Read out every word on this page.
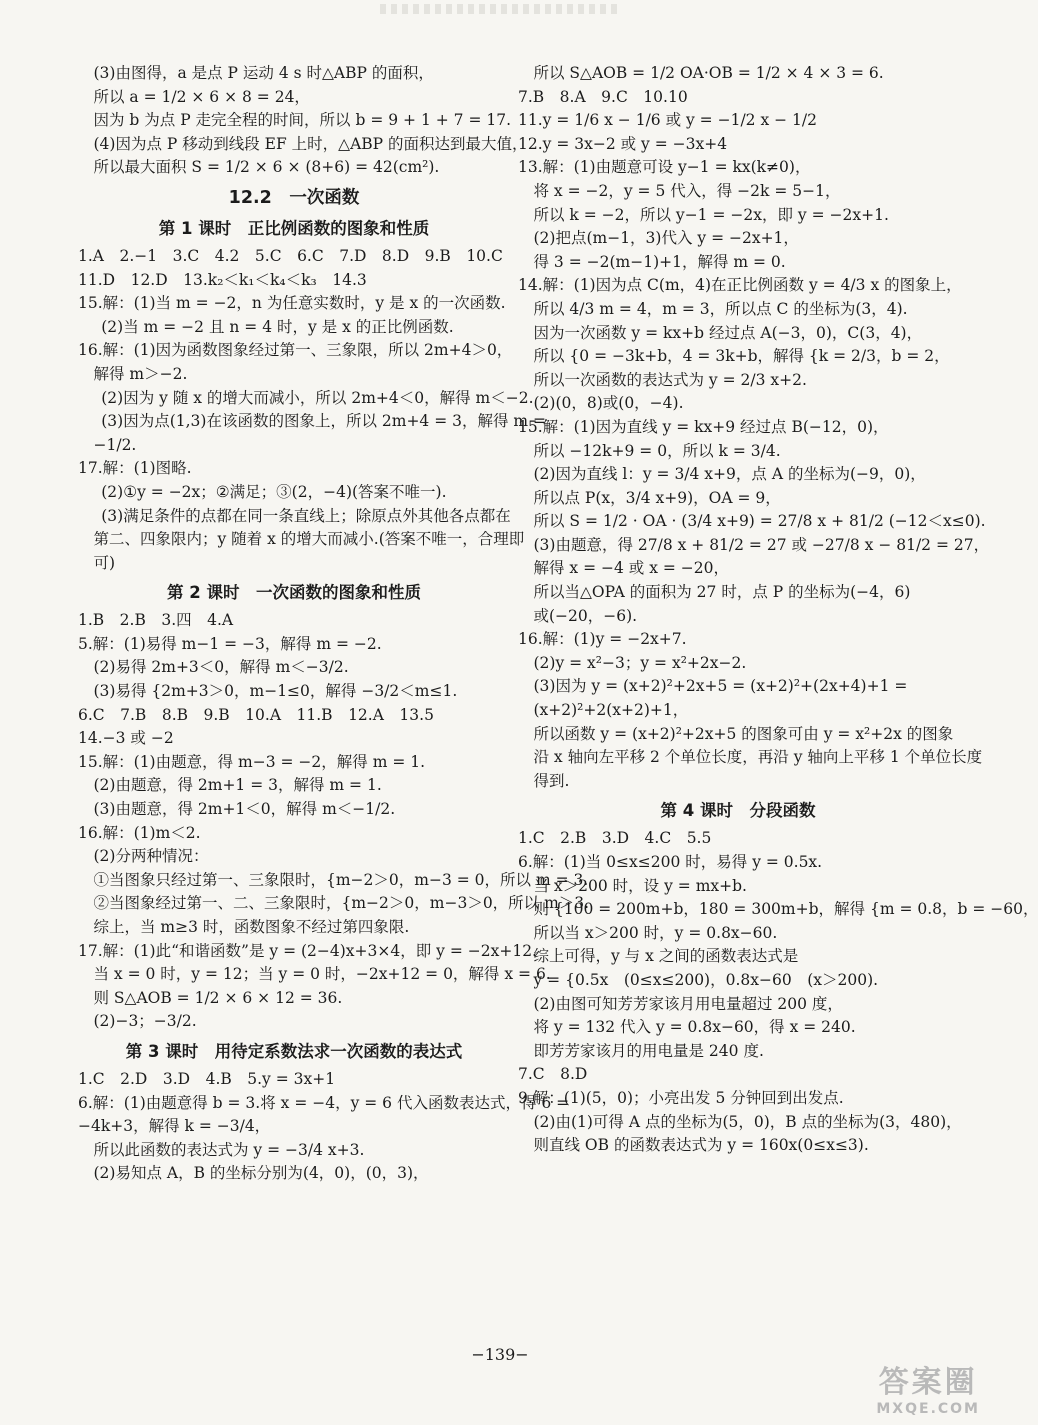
(3)由图得，a 是点 P 运动 4 s 时△ABP 的面积，
所以 a = 1/2 × 6 × 8 = 24，
因为 b 为点 P 走完全程的时间，所以 b = 9 + 1 + 7 = 17.
(4)因为点 P 移动到线段 EF 上时，△ABP 的面积达到最大值，
所以最大面积 S = 1/2 × 6 × (8+6) = 42(cm²).
12.2　一次函数
第 1 课时　正比例函数的图象和性质
1.A　2.−1　3.C　4.2　5.C　6.C　7.D　8.D　9.B　10.C
11.D　12.D　13.k₂＜k₁＜k₄＜k₃　14.3
15.解：(1)当 m = −2，n 为任意实数时，y 是 x 的一次函数.
(2)当 m = −2 且 n = 4 时，y 是 x 的正比例函数.
16.解：(1)因为函数图象经过第一、三象限，所以 2m+4＞0，
解得 m＞−2.
(2)因为 y 随 x 的增大而减小，所以 2m+4＜0，解得 m＜−2.
(3)因为点(1,3)在该函数的图象上，所以 2m+4 = 3，解得 m =
−1/2.
17.解：(1)图略.
(2)①y = −2x；②满足；③(2，−4)(答案不唯一).
(3)满足条件的点都在同一条直线上；除原点外其他各点都在
第二、四象限内；y 随着 x 的增大而减小.(答案不唯一，合理即
可)
第 2 课时　一次函数的图象和性质
1.B　2.B　3.四　4.A
5.解：(1)易得 m−1 = −3，解得 m = −2.
(2)易得 2m+3＜0，解得 m＜−3/2.
(3)易得 {2m+3＞0，m−1≤0，解得 −3/2＜m≤1.
6.C　7.B　8.B　9.B　10.A　11.B　12.A　13.5
14.−3 或 −2
15.解：(1)由题意，得 m−3 = −2，解得 m = 1.
(2)由题意，得 2m+1 = 3，解得 m = 1.
(3)由题意，得 2m+1＜0，解得 m＜−1/2.
16.解：(1)m＜2.
(2)分两种情况：
①当图象只经过第一、三象限时，{m−2＞0，m−3 = 0，所以 m = 3.
②当图象经过第一、二、三象限时，{m−2＞0，m−3＞0，所以 m＞3.
综上，当 m≥3 时，函数图象不经过第四象限.
17.解：(1)此“和谐函数”是 y = (2−4)x+3×4，即 y = −2x+12.
当 x = 0 时，y = 12；当 y = 0 时，−2x+12 = 0，解得 x = 6.
则 S△AOB = 1/2 × 6 × 12 = 36.
(2)−3；−3/2.
第 3 课时　用待定系数法求一次函数的表达式
1.C　2.D　3.D　4.B　5.y = 3x+1
6.解：(1)由题意得 b = 3.将 x = −4，y = 6 代入函数表达式，得 6 =
−4k+3，解得 k = −3/4，
所以此函数的表达式为 y = −3/4 x+3.
(2)易知点 A，B 的坐标分别为(4，0)，(0，3)，
所以 S△AOB = 1/2 OA·OB = 1/2 × 4 × 3 = 6.
7.B　8.A　9.C　10.10
11.y = 1/6 x − 1/6 或 y = −1/2 x − 1/2
12.y = 3x−2 或 y = −3x+4
13.解：(1)由题意可设 y−1 = kx(k≠0)，
将 x = −2，y = 5 代入，得 −2k = 5−1，
所以 k = −2，所以 y−1 = −2x，即 y = −2x+1.
(2)把点(m−1，3)代入 y = −2x+1，
得 3 = −2(m−1)+1，解得 m = 0.
14.解：(1)因为点 C(m，4)在正比例函数 y = 4/3 x 的图象上，
所以 4/3 m = 4，m = 3，所以点 C 的坐标为(3，4).
因为一次函数 y = kx+b 经过点 A(−3，0)，C(3，4)，
所以 {0 = −3k+b，4 = 3k+b，解得 {k = 2/3，b = 2，
所以一次函数的表达式为 y = 2/3 x+2.
(2)(0，8)或(0，−4).
15.解：(1)因为直线 y = kx+9 经过点 B(−12，0)，
所以 −12k+9 = 0，所以 k = 3/4.
(2)因为直线 l：y = 3/4 x+9，点 A 的坐标为(−9，0)，
所以点 P(x，3/4 x+9)，OA = 9，
所以 S = 1/2 · OA · (3/4 x+9) = 27/8 x + 81/2 (−12＜x≤0).
(3)由题意，得 27/8 x + 81/2 = 27 或 −27/8 x − 81/2 = 27，
解得 x = −4 或 x = −20，
所以当△OPA 的面积为 27 时，点 P 的坐标为(−4，6)
或(−20，−6).
16.解：(1)y = −2x+7.
(2)y = x²−3；y = x²+2x−2.
(3)因为 y = (x+2)²+2x+5 = (x+2)²+(2x+4)+1 =
(x+2)²+2(x+2)+1，
所以函数 y = (x+2)²+2x+5 的图象可由 y = x²+2x 的图象
沿 x 轴向左平移 2 个单位长度，再沿 y 轴向上平移 1 个单位长度
得到.
第 4 课时　分段函数
1.C　2.B　3.D　4.C　5.5
6.解：(1)当 0≤x≤200 时，易得 y = 0.5x.
当 x＞200 时，设 y = mx+b.
则 {100 = 200m+b，180 = 300m+b，解得 {m = 0.8，b = −60，
所以当 x＞200 时，y = 0.8x−60.
综上可得，y 与 x 之间的函数表达式是
y = {0.5x　(0≤x≤200)，0.8x−60　(x＞200).
(2)由图可知芳芳家该月用电量超过 200 度，
将 y = 132 代入 y = 0.8x−60，得 x = 240.
即芳芳家该月的用电量是 240 度.
7.C　8.D
9.解：(1)(5，0)；小亮出发 5 分钟回到出发点.
(2)由(1)可得 A 点的坐标为(5，0)，B 点的坐标为(3，480)，
则直线 OB 的函数表达式为 y = 160x(0≤x≤3).
−139−
答案圈
MXQE.COM
